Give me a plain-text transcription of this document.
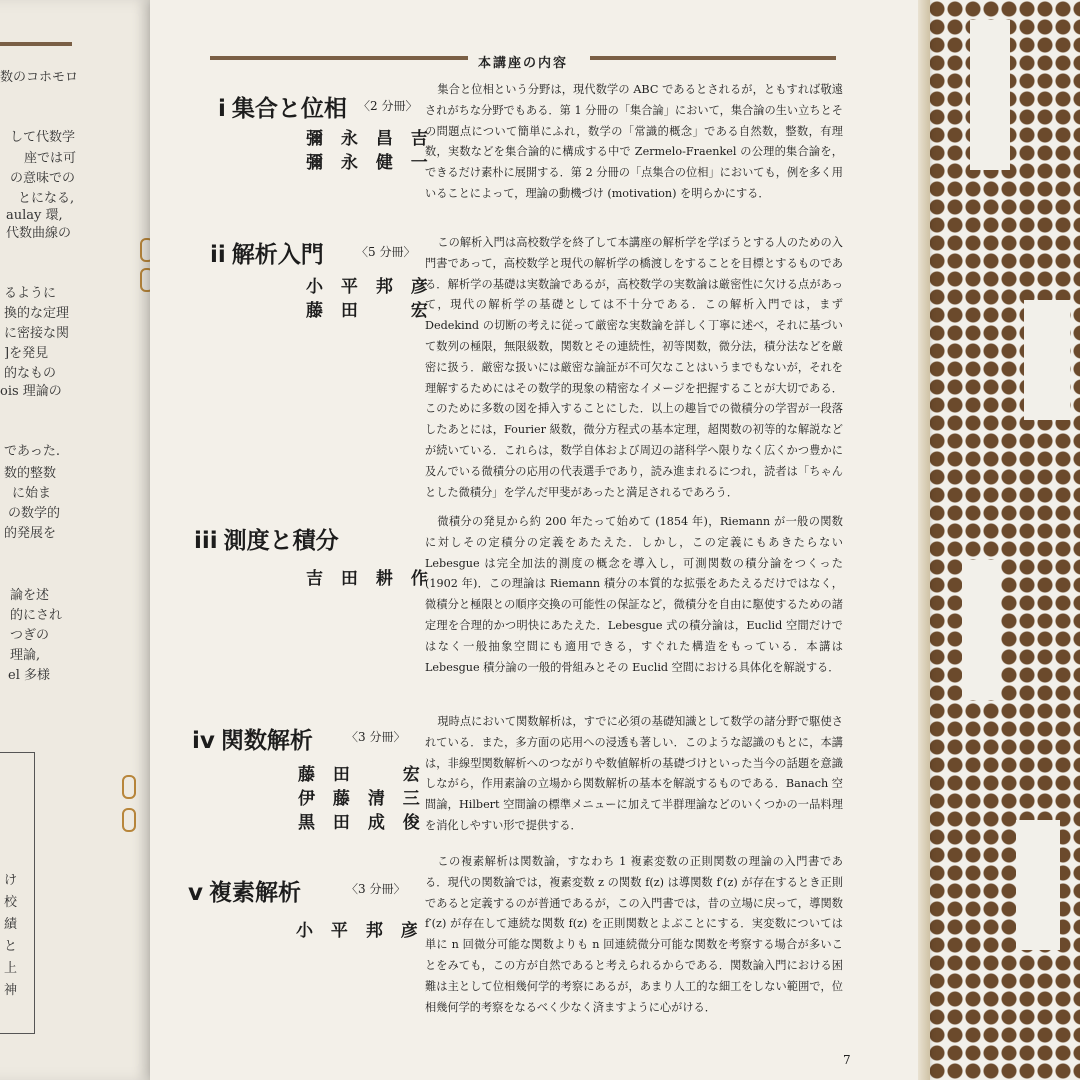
数のコホモロ
して代数学
座では可
の意味での
とになる,
aulay 環,
代数曲線の
るように
換的な定理
に密接な関
]を発見
的なもの
ois 理論の
であった.
数的整数
に始ま
の数学的
的発展を
論を述
的にされ
つぎの
理論,
el 多様
け
校
績
と
上
神
本講座の内容
i 集合と位相 〈2 分冊〉
彌 永 昌 吉
彌 永 健 一
集合と位相という分野は，現代数学の ABC であるとされるが，ともすれば敬遠されがちな分野でもある．第 1 分冊の「集合論」において，集合論の生い立ちとその問題点について簡単にふれ，数学の「常識的概念」である自然数，整数，有理数，実数などを集合論的に構成する中で Zermelo-Fraenkel の公理的集合論を，できるだけ素朴に展開する．第 2 分冊の「点集合の位相」においても，例を多く用いることによって，理論の動機づけ (motivation) を明らかにする．
ii 解析入門	〈5 分冊〉
小 平 邦 彦
藤 田 　 宏
この解析入門は高校数学を終了して本講座の解析学を学ぼうとする人のための入門書であって，高校数学と現代の解析学の橋渡しをすることを目標とするものである．解析学の基礎は実数論であるが，高校数学の実数論は厳密性に欠ける点があって，現代の解析学の基礎としては不十分である．この解析入門では，まず Dedekind の切断の考えに従って厳密な実数論を詳しく丁寧に述べ，それに基づいて数列の極限，無限級数，関数とその連続性，初等関数，微分法，積分法などを厳密に扱う．厳密な扱いには厳密な論証が不可欠なことはいうまでもないが，それを理解するためにはその数学的現象の精密なイメージを把握することが大切である．このために多数の図を挿入することにした．以上の趣旨での微積分の学習が一段落したあとには，Fourier 級数，微分方程式の基本定理，超関数の初等的な解説などが続いている．これらは，数学自体および周辺の諸科学へ限りなく広くかつ豊かに及んでいる微積分の応用の代表選手であり，読み進まれるにつれ，読者は「ちゃんとした微積分」を学んだ甲斐があったと満足されるであろう．
iii 測度と積分
吉 田 耕 作
微積分の発見から約 200 年たって始めて (1854 年)，Riemann が一般の関数に対しその定積分の定義をあたえた．しかし，この定義にもあきたらない Lebesgue は完全加法的測度の概念を導入し，可測関数の積分論をつくった (1902 年)．この理論は Riemann 積分の本質的な拡張をあたえるだけではなく，微積分と極限との順序交換の可能性の保証など，微積分を自由に駆使するための諸定理を合理的かつ明快にあたえた．Lebesgue 式の積分論は，Euclid 空間だけではなく一般抽象空間にも適用できる，すぐれた構造をもっている．本講は Lebesgue 積分論の一般的骨組みとその Euclid 空間における具体化を解説する．
iv 関数解析	〈3 分冊〉
藤 田 　 宏
伊 藤 清 三
黒 田 成 俊
現時点において関数解析は，すでに必須の基礎知識として数学の諸分野で駆使されている．また，多方面の応用への浸透も著しい．このような認識のもとに，本講は，非線型関数解析へのつながりや数値解析の基礎づけといった当今の話題を意識しながら，作用素論の立場から関数解析の基本を解説するものである．Banach 空間論，Hilbert 空間論の標準メニューに加えて半群理論などのいくつかの一品料理を消化しやすい形で提供する．
v 複素解析	〈3 分冊〉
小 平 邦 彦
この複素解析は関数論，すなわち 1 複素変数の正則関数の理論の入門書である．現代の関数論では，複素変数 z の関数 f(z) は導関数 f′(z) が存在するとき正則であると定義するのが普通であるが，この入門書では，昔の立場に戻って，導関数 f′(z) が存在して連続な関数 f(z) を正則関数とよぶことにする．実変数については単に n 回微分可能な関数よりも n 回連続微分可能な関数を考察する場合が多いことをみても，この方が自然であると考えられるからである．関数論入門における困難は主として位相幾何学的考察にあるが，あまり人工的な細工をしない範囲で，位相幾何学的考察をなるべく少なく済ますように心がける．
7
